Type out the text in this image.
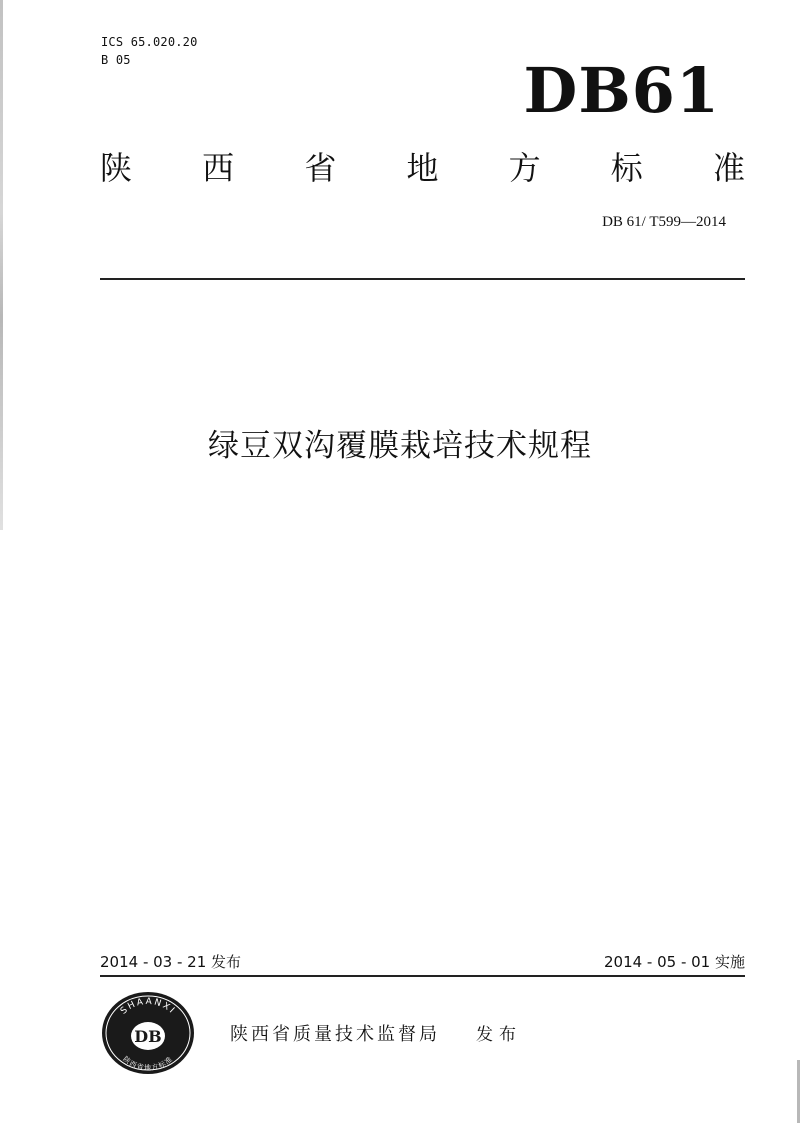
ICS 65.020.20
B 05	DB61
陕 西 省 地 方 标 准
DB 61/ T599—2014
绿豆双沟覆膜栽培技术规程
2014 - 03 - 21 发布	2014 - 05 - 01 实施
SHAANXI
陕西省地方标准
DB	陕西省质量技术监督局 发布
